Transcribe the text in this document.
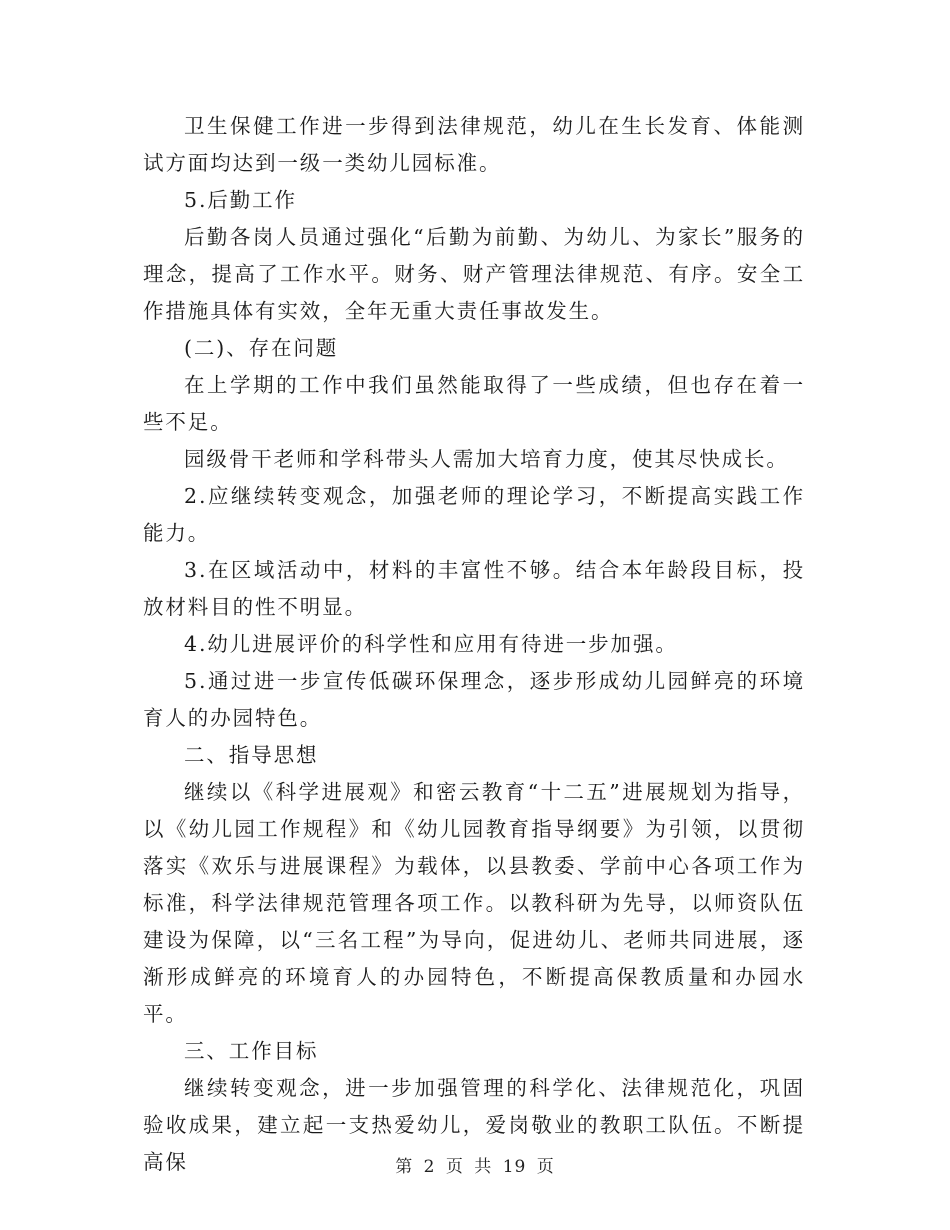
卫生保健工作进一步得到法律规范，幼儿在生长发育、体能测试方面均达到一级一类幼儿园标准。

5.后勤工作

后勤各岗人员通过强化“后勤为前勤、为幼儿、为家长”服务的理念，提高了工作水平。财务、财产管理法律规范、有序。安全工作措施具体有实效，全年无重大责任事故发生。

(二)、存在问题

在上学期的工作中我们虽然能取得了一些成绩，但也存在着一些不足。

园级骨干老师和学科带头人需加大培育力度，使其尽快成长。

2.应继续转变观念，加强老师的理论学习，不断提高实践工作能力。

3.在区域活动中，材料的丰富性不够。结合本年龄段目标，投放材料目的性不明显。

4.幼儿进展评价的科学性和应用有待进一步加强。

5.通过进一步宣传低碳环保理念，逐步形成幼儿园鲜亮的环境育人的办园特色。

二、指导思想

继续以《科学进展观》和密云教育“十二五”进展规划为指导，以《幼儿园工作规程》和《幼儿园教育指导纲要》为引领，以贯彻落实《欢乐与进展课程》为载体，以县教委、学前中心各项工作为标准，科学法律规范管理各项工作。以教科研为先导，以师资队伍建设为保障，以“三名工程”为导向，促进幼儿、老师共同进展，逐渐形成鲜亮的环境育人的办园特色，不断提高保教质量和办园水平。

三、工作目标

继续转变观念，进一步加强管理的科学化、法律规范化，巩固验收成果，建立起一支热爱幼儿，爱岗敬业的教职工队伍。不断提高保	第 2 页 共 19 页
